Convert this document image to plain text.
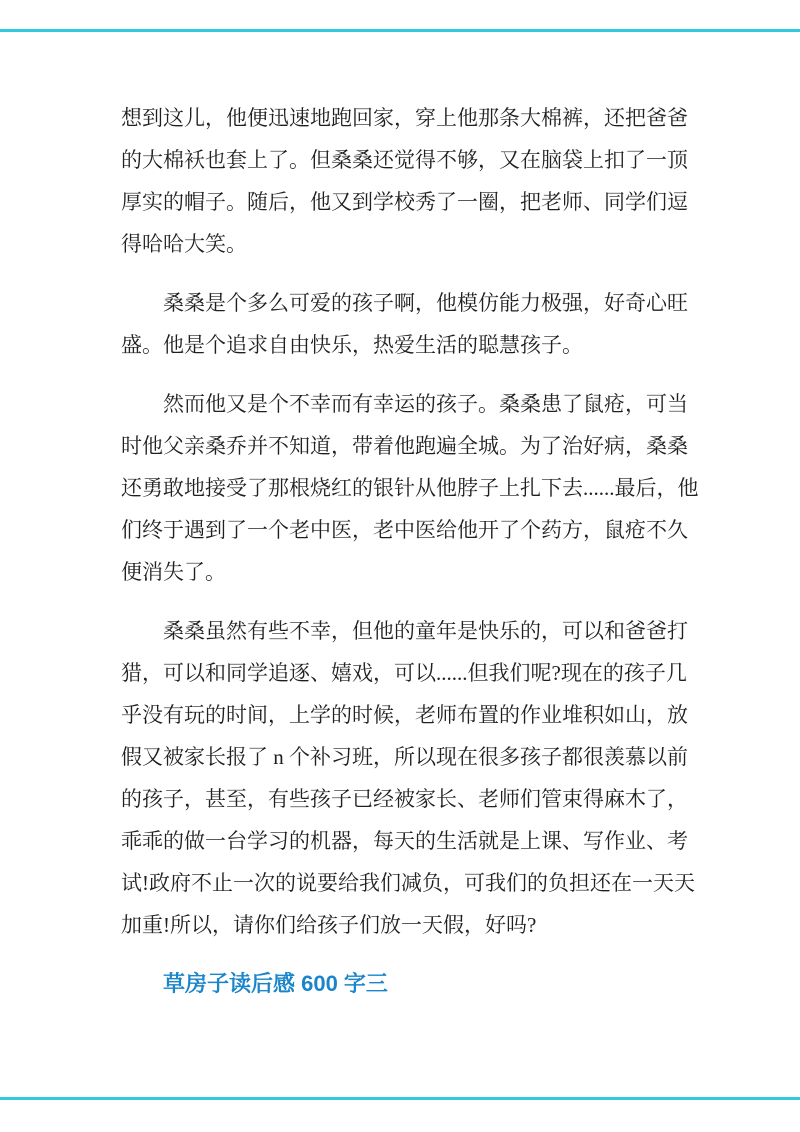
想到这儿，他便迅速地跑回家，穿上他那条大棉裤，还把爸爸
的大棉袄也套上了。但桑桑还觉得不够，又在脑袋上扣了一顶
厚实的帽子。随后，他又到学校秀了一圈，把老师、同学们逗
得哈哈大笑。
桑桑是个多么可爱的孩子啊，他模仿能力极强，好奇心旺
盛。他是个追求自由快乐，热爱生活的聪慧孩子。
然而他又是个不幸而有幸运的孩子。桑桑患了鼠疮，可当
时他父亲桑乔并不知道，带着他跑遍全城。为了治好病，桑桑
还勇敢地接受了那根烧红的银针从他脖子上扎下去......最后，他
们终于遇到了一个老中医，老中医给他开了个药方，鼠疮不久
便消失了。
桑桑虽然有些不幸，但他的童年是快乐的，可以和爸爸打
猎，可以和同学追逐、嬉戏，可以......但我们呢?现在的孩子几
乎没有玩的时间，上学的时候，老师布置的作业堆积如山，放
假又被家长报了 n 个补习班，所以现在很多孩子都很羡慕以前
的孩子，甚至，有些孩子已经被家长、老师们管束得麻木了，
乖乖的做一台学习的机器，每天的生活就是上课、写作业、考
试!政府不止一次的说要给我们减负，可我们的负担还在一天天
加重!所以，请你们给孩子们放一天假，好吗?
草房子读后感 600 字三
